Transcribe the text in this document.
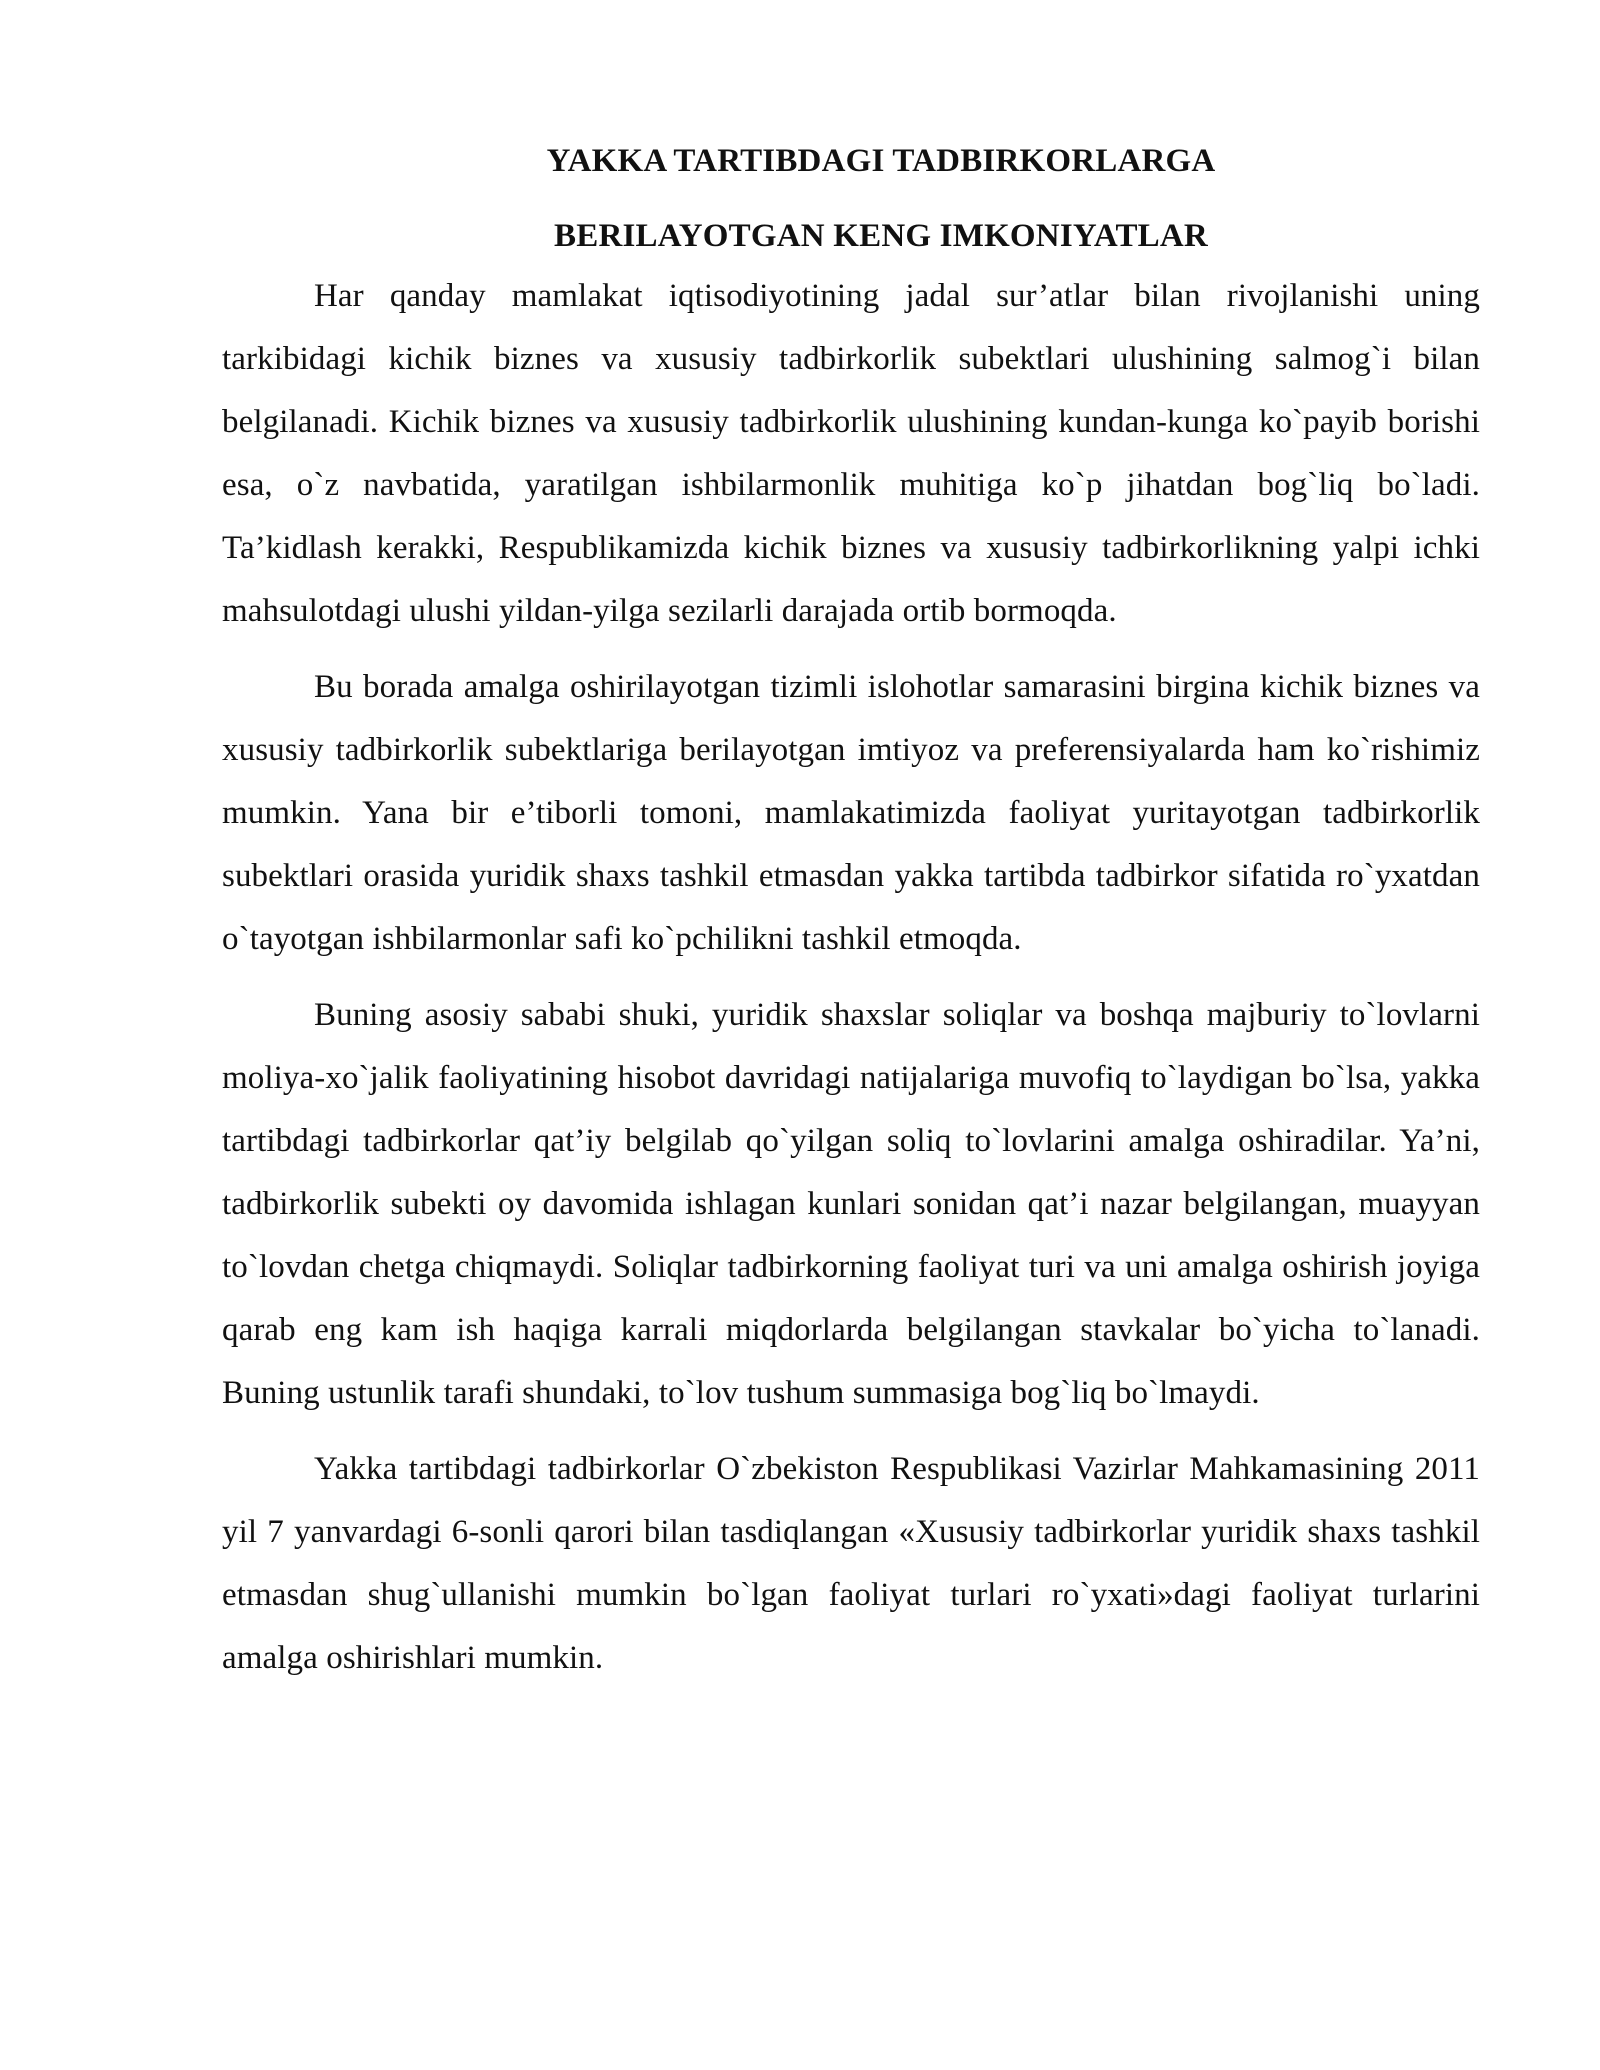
YAKKA TARTIBDAGI TADBIRKORLARGA
BERILAYOTGAN KENG IMKONIYATLAR

Har qanday mamlakat iqtisodiyotining jadal sur’atlar bilan rivojlanishi uning tarkibidagi kichik biznes va xususiy tadbirkorlik subektlari ulushining salmog`i bilan belgilanadi. Kichik biznes va xususiy tadbirkorlik ulushining kundan-kunga ko`payib borishi esa, o`z navbatida, yaratilgan ishbilarmonlik muhitiga ko`p jihatdan bog`liq bo`ladi. Ta’kidlash kerakki, Respublikamizda kichik biznes va xususiy tadbirkorlikning yalpi ichki mahsulotdagi ulushi yildan-yilga sezilarli darajada ortib bormoqda.

Bu borada amalga oshirilayotgan tizimli islohotlar samarasini birgina kichik biznes va xususiy tadbirkorlik subektlariga berilayotgan imtiyoz va preferensiyalarda ham ko`rishimiz mumkin. Yana bir e’tiborli tomoni, mamlakatimizda faoliyat yuritayotgan tadbirkorlik subektlari orasida yuridik shaxs tashkil etmasdan yakka tartibda tadbirkor sifatida ro`yxatdan o`tayotgan ishbilarmonlar safi ko`pchilikni tashkil etmoqda.

Buning asosiy sababi shuki, yuridik shaxslar soliqlar va boshqa majburiy to`lovlarni moliya-xo`jalik faoliyatining hisobot davridagi natijalariga muvofiq to`laydigan bo`lsa, yakka tartibdagi tadbirkorlar qat’iy belgilab qo`yilgan soliq to`lovlarini amalga oshiradilar. Ya’ni, tadbirkorlik subekti oy davomida ishlagan kunlari sonidan qat’i nazar belgilangan, muayyan to`lovdan chetga chiqmaydi. Soliqlar tadbirkorning faoliyat turi va uni amalga oshirish joyiga qarab eng kam ish haqiga karrali miqdorlarda belgilangan stavkalar bo`yicha to`lanadi. Buning ustunlik tarafi shundaki, to`lov tushum summasiga bog`liq bo`lmaydi.

Yakka tartibdagi tadbirkorlar O`zbekiston Respublikasi Vazirlar Mahkamasining 2011 yil 7 yanvardagi 6-sonli qarori bilan tasdiqlangan «Xususiy tadbirkorlar yuridik shaxs tashkil etmasdan shug`ullanishi mumkin bo`lgan faoliyat turlari ro`yxati»dagi faoliyat turlarini amalga oshirishlari mumkin.
